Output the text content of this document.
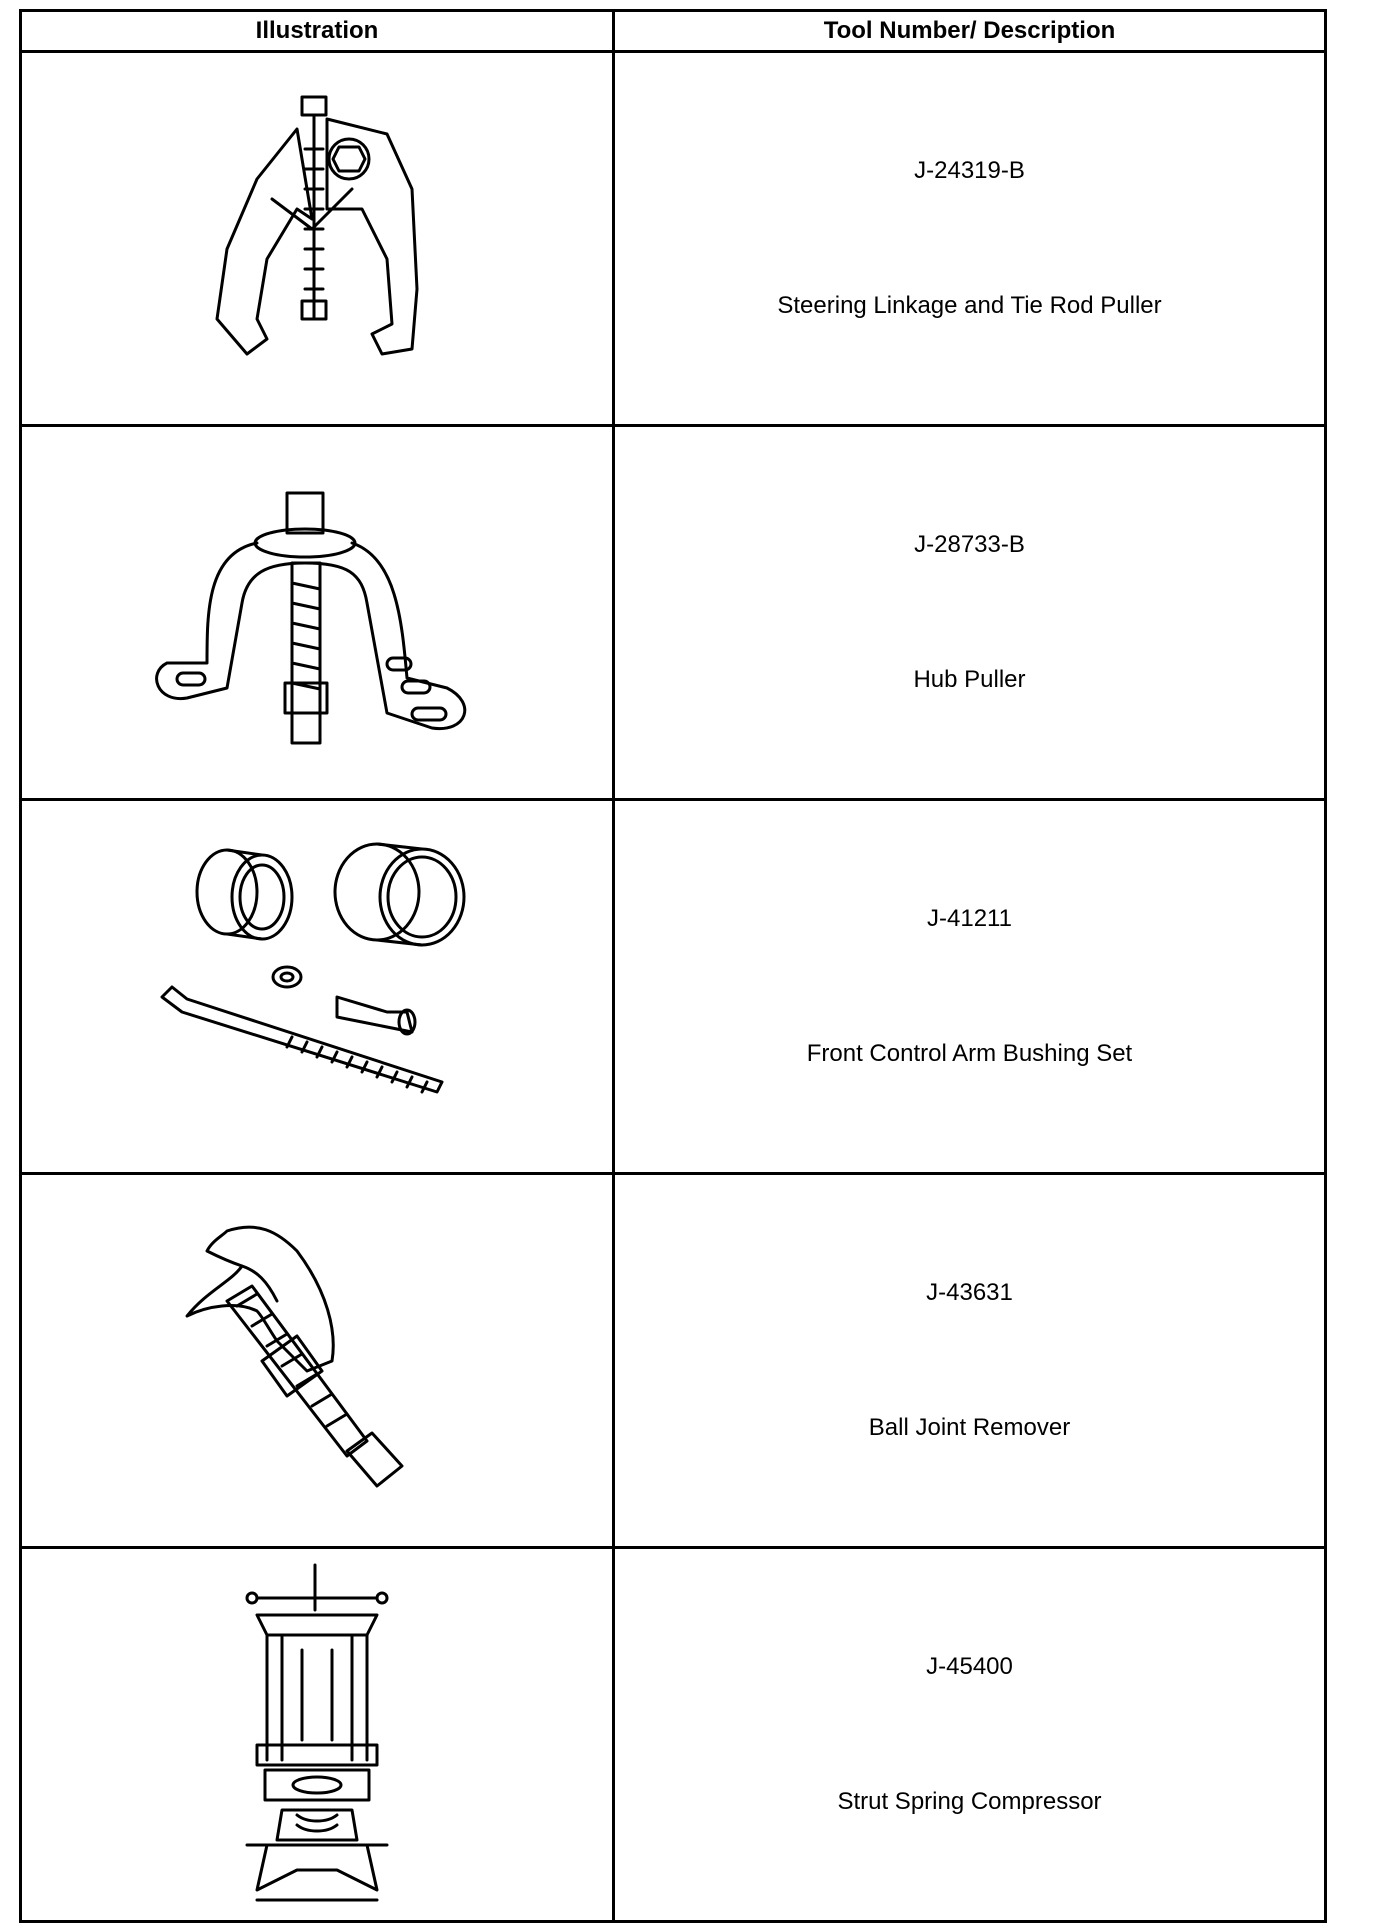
Illustration	Tool Number/ Description

J-24319-B
Steering Linkage and Tie Rod Puller

J-28733-B
Hub Puller

J-41211
Front Control Arm Bushing Set

J-43631
Ball Joint Remover

J-45400
Strut Spring Compressor
